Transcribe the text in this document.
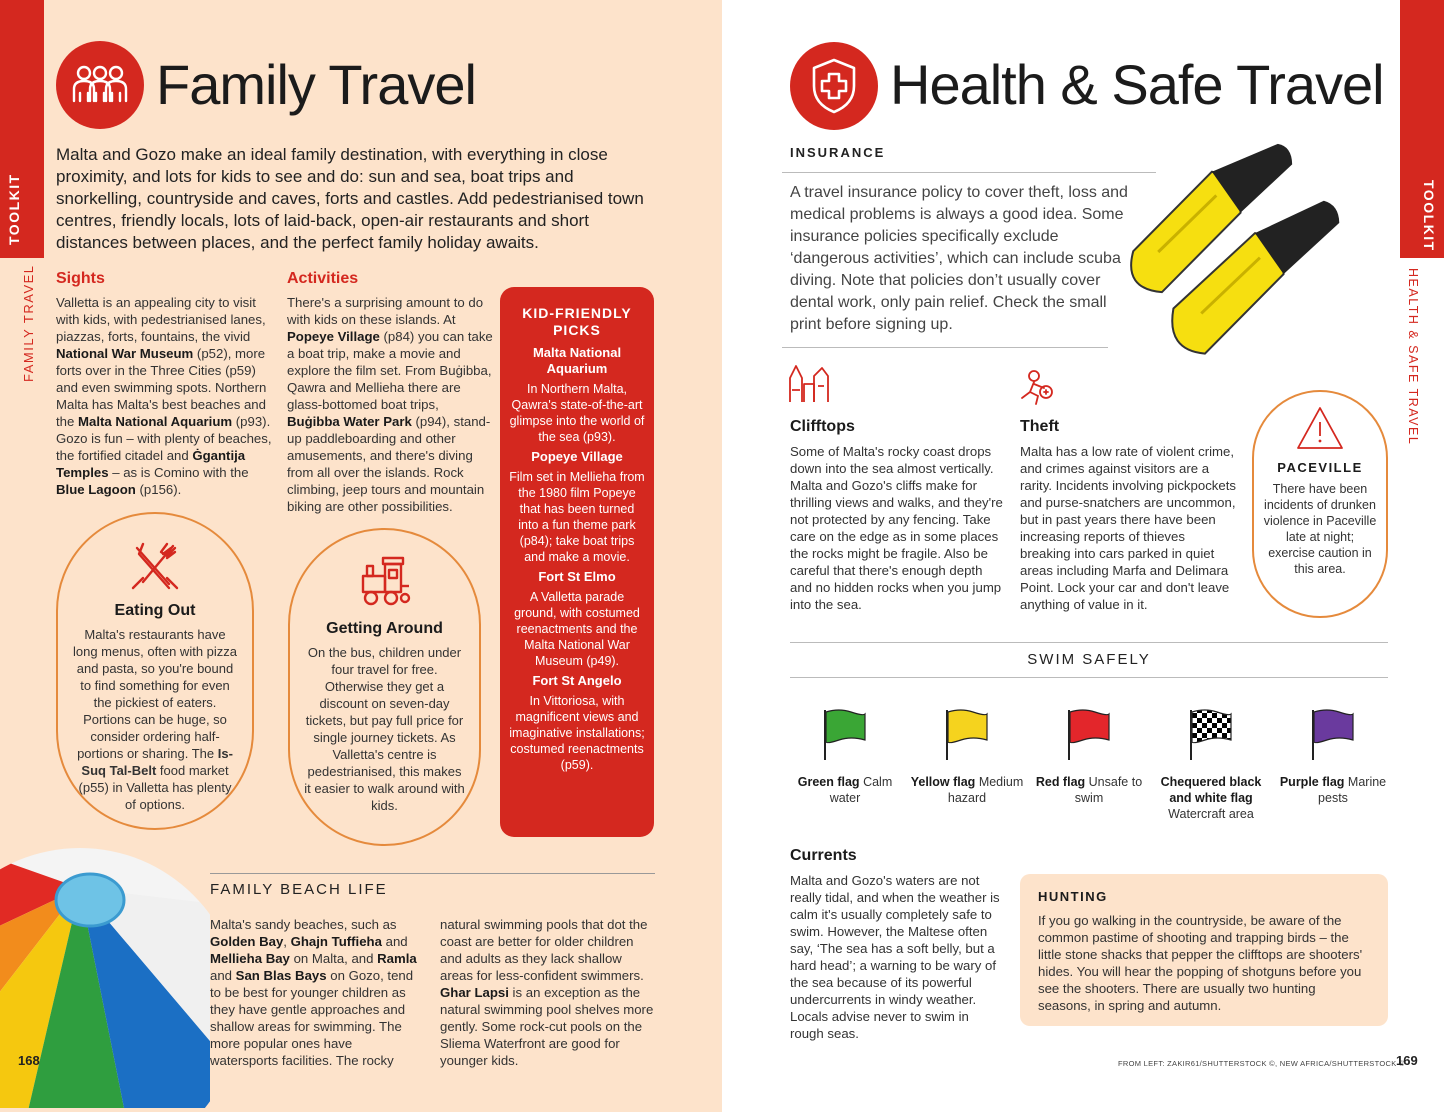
TOOLKIT
FAMILY TRAVEL
Family Travel
Malta and Gozo make an ideal family destination, with everything in close proximity, and lots for kids to see and do: sun and sea, boat trips and snorkelling, countryside and caves, forts and castles. Add pedestrianised town centres, friendly locals, lots of laid-back, open-air restaurants and short distances between places, and the perfect family holiday awaits.
Sights
Valletta is an appealing city to visit with kids, with pedestrianised lanes, piazzas, forts, fountains, the vivid National War Museum (p52), more forts over in the Three Cities (p59) and even swimming spots. Northern Malta has Malta's best beaches and the Malta National Aquarium (p93). Gozo is fun – with plenty of beaches, the fortified citadel and Ġgantija Temples – as is Comino with the Blue Lagoon (p156).
Activities
There's a surprising amount to do with kids on these islands. At Popeye Village (p84) you can take a boat trip, make a movie and explore the film set. From Buġibba, Qawra and Mellieha there are glass-bottomed boat trips, Buġibba Water Park (p94), stand-up paddleboarding and other amusements, and there's diving from all over the islands. Rock climbing, jeep tours and mountain biking are other possibilities.
KID-FRIENDLY PICKS
Malta National Aquarium
In Northern Malta, Qawra's state-of-the-art glimpse into the world of the sea (p93).
Popeye Village
Film set in Mellieha from the 1980 film Popeye that has been turned into a fun theme park (p84); take boat trips and make a movie.
Fort St Elmo
A Valletta parade ground, with costumed reenactments and the Malta National War Museum (p49).
Fort St Angelo
In Vittoriosa, with magnificent views and imaginative installations; costumed reenactments (p59).
Eating Out
Malta's restaurants have long menus, often with pizza and pasta, so you're bound to find something for even the pickiest of eaters. Portions can be huge, so consider ordering half-portions or sharing. The Is-Suq Tal-Belt food market (p55) in Valletta has plenty of options.
Getting Around
On the bus, children under four travel for free. Otherwise they get a discount on seven-day tickets, but pay full price for single journey tickets. As Valletta's centre is pedestrianised, this makes it easier to walk around with kids.
FAMILY BEACH LIFE
Malta's sandy beaches, such as Golden Bay, Ghajn Tuffieha and Mellieha Bay on Malta, and Ramla and San Blas Bays on Gozo, tend to be best for younger children as they have gentle approaches and shallow areas for swimming. The more popular ones have watersports facilities. The rocky
natural swimming pools that dot the coast are better for older children and adults as they lack shallow areas for less-confident swimmers. Ghar Lapsi is an exception as the natural swimming pool shelves more gently. Some rock-cut pools on the Sliema Waterfront are good for younger kids.
168
TOOLKIT
HEALTH & SAFE TRAVEL
Health & Safe Travel
INSURANCE
A travel insurance policy to cover theft, loss and medical problems is always a good idea. Some insurance policies specifically exclude ‘dangerous activities’, which can include scuba diving. Note that policies don’t usually cover dental work, only pain relief. Check the small print before signing up.
Clifftops
Some of Malta's rocky coast drops down into the sea almost vertically. Malta and Gozo's cliffs make for thrilling views and walks, and they're not protected by any fencing. Take care on the edge as in some places the rocks might be fragile. Also be careful that there's enough depth and no hidden rocks when you jump into the sea.
Theft
Malta has a low rate of violent crime, and crimes against visitors are a rarity. Incidents involving pickpockets and purse-snatchers are uncommon, but in past years there have been increasing reports of thieves breaking into cars parked in quiet areas including Marfa and Delimara Point. Lock your car and don't leave anything of value in it.
PACEVILLE
There have been incidents of drunken violence in Paceville late at night; exercise caution in this area.
SWIM SAFELY
Green flag Calm water
Yellow flag Medium hazard
Red flag Unsafe to swim
Chequered black and white flag Watercraft area
Purple flag Marine pests
Currents
Malta and Gozo's waters are not really tidal, and when the weather is calm it's usually completely safe to swim. However, the Maltese often say, ‘The sea has a soft belly, but a hard head’; a warning to be wary of the sea because of its powerful undercurrents in windy weather. Locals advise never to swim in rough seas.
HUNTING
If you go walking in the countryside, be aware of the common pastime of shooting and trapping birds – the little stone shacks that pepper the clifftops are shooters' hides. You will hear the popping of shotguns before you see the shooters. There are usually two hunting seasons, in spring and autumn.
FROM LEFT: ZAKIR61/SHUTTERSTOCK ©, NEW AFRICA/SHUTTERSTOCK ©
169
